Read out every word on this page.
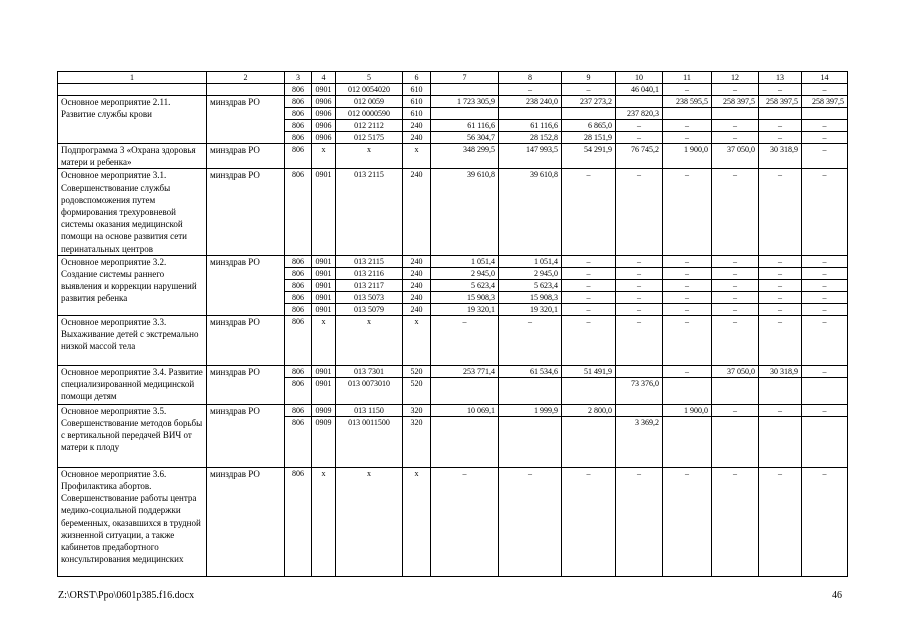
1	2	3	4	5	6	7	8	9	10	11	12	13	14
		806	0901	012 0054020	610		–	–	46 040,1	–	–	–	–
Основное мероприятие 2.11. Развитие службы крови	минздрав РО	806	0906	012 0059	610	1 723 305,9	238 240,0	237 273,2		238 595,5	258 397,5	258 397,5	258 397,5
		806	0906	012 0000590	610				237 820,3				
		806	0906	012 2112	240	61 116,6	61 116,6	6 865,0	–	–	–	–	–
		806	0906	012 5175	240	56 304,7	28 152,8	28 151,9	–	–	–	–	–
Подпрограмма 3 «Охрана здоровья матери и ребенка»	минздрав РО	806	х	х	х	348 299,5	147 993,5	54 291,9	76 745,2	1 900,0	37 050,0	30 318,9	–
Основное мероприятие 3.1. Совершенствование службы родовспоможения путем формирования трехуровневой системы оказания медицинской помощи на основе развития сети перинатальных центров	минздрав РО	806	0901	013 2115	240	39 610,8	39 610,8	–	–	–	–	–	–
Основное мероприятие 3.2. Создание системы раннего выявления и коррекции нарушений развития ребенка	минздрав РО	806	0901	013 2115	240	1 051,4	1 051,4	–	–	–	–	–	–
		806	0901	013 2116	240	2 945,0	2 945,0	–	–	–	–	–	–
		806	0901	013 2117	240	5 623,4	5 623,4	–	–	–	–	–	–
		806	0901	013 5073	240	15 908,3	15 908,3	–	–	–	–	–	–
		806	0901	013 5079	240	19 320,1	19 320,1	–	–	–	–	–	–
Основное мероприятие 3.3. Выхаживание детей с экстремально низкой массой тела	минздрав РО	806	х	х	х	–	–	–	–	–	–	–	–
Основное мероприятие 3.4. Развитие специализированной медицинской помощи детям	минздрав РО	806	0901	013 7301	520	253 771,4	61 534,6	51 491,9		–	37 050,0	30 318,9	–
		806	0901	013 0073010	520				73 376,0				
Основное мероприятие 3.5. Совершенствование методов борьбы с вертикальной передачей ВИЧ от матери к плоду	минздрав РО	806	0909	013 1150	320	10 069,1	1 999,9	2 800,0		1 900,0	–	–	–
		806	0909	013 0011500	320				3 369,2				
Основное мероприятие 3.6. Профилактика абортов. Совершенствование работы центра медико-социальной поддержки беременных, оказавшихся в трудной жизненной ситуации, а также кабинетов предабортного консультирования медицинских	минздрав РО	806	х	х	х	–	–	–	–	–	–	–	–
Z:\ORST\Ppo\0601p385.f16.docx	46
